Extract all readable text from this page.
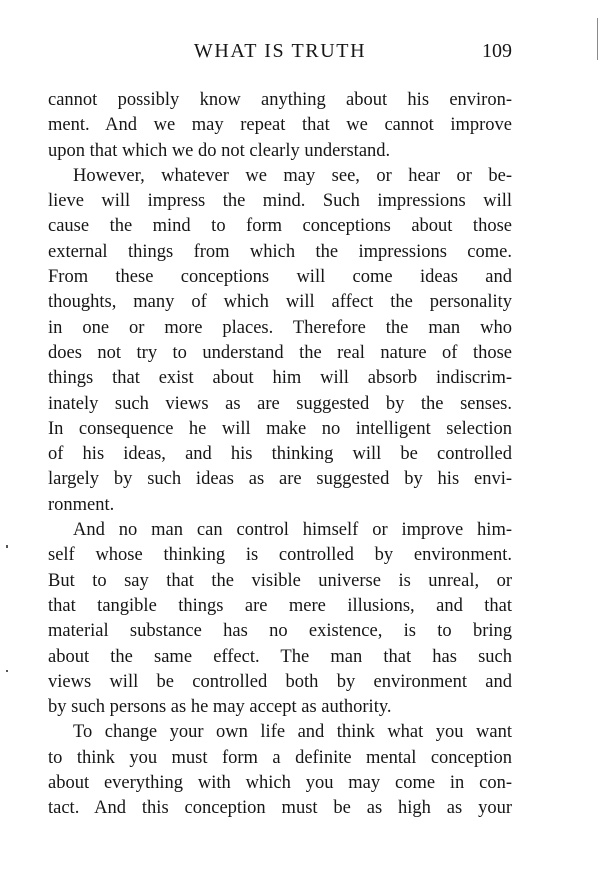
WHAT IS TRUTH	109
cannot possibly know anything about his environ-
ment. And we may repeat that we cannot improve
upon that which we do not clearly understand.
However, whatever we may see, or hear or be-
lieve will impress the mind. Such impressions will
cause the mind to form conceptions about those
external things from which the impressions come.
From these conceptions will come ideas and
thoughts, many of which will affect the personality
in one or more places. Therefore the man who
does not try to understand the real nature of those
things that exist about him will absorb indiscrim-
inately such views as are suggested by the senses.
In consequence he will make no intelligent selection
of his ideas, and his thinking will be controlled
largely by such ideas as are suggested by his envi-
ronment.
And no man can control himself or improve him-
self whose thinking is controlled by environment.
But to say that the visible universe is unreal, or
that tangible things are mere illusions, and that
material substance has no existence, is to bring
about the same effect. The man that has such
views will be controlled both by environment and
by such persons as he may accept as authority.
To change your own life and think what you want
to think you must form a definite mental conception
about everything with which you may come in con-
tact. And this conception must be as high as your
